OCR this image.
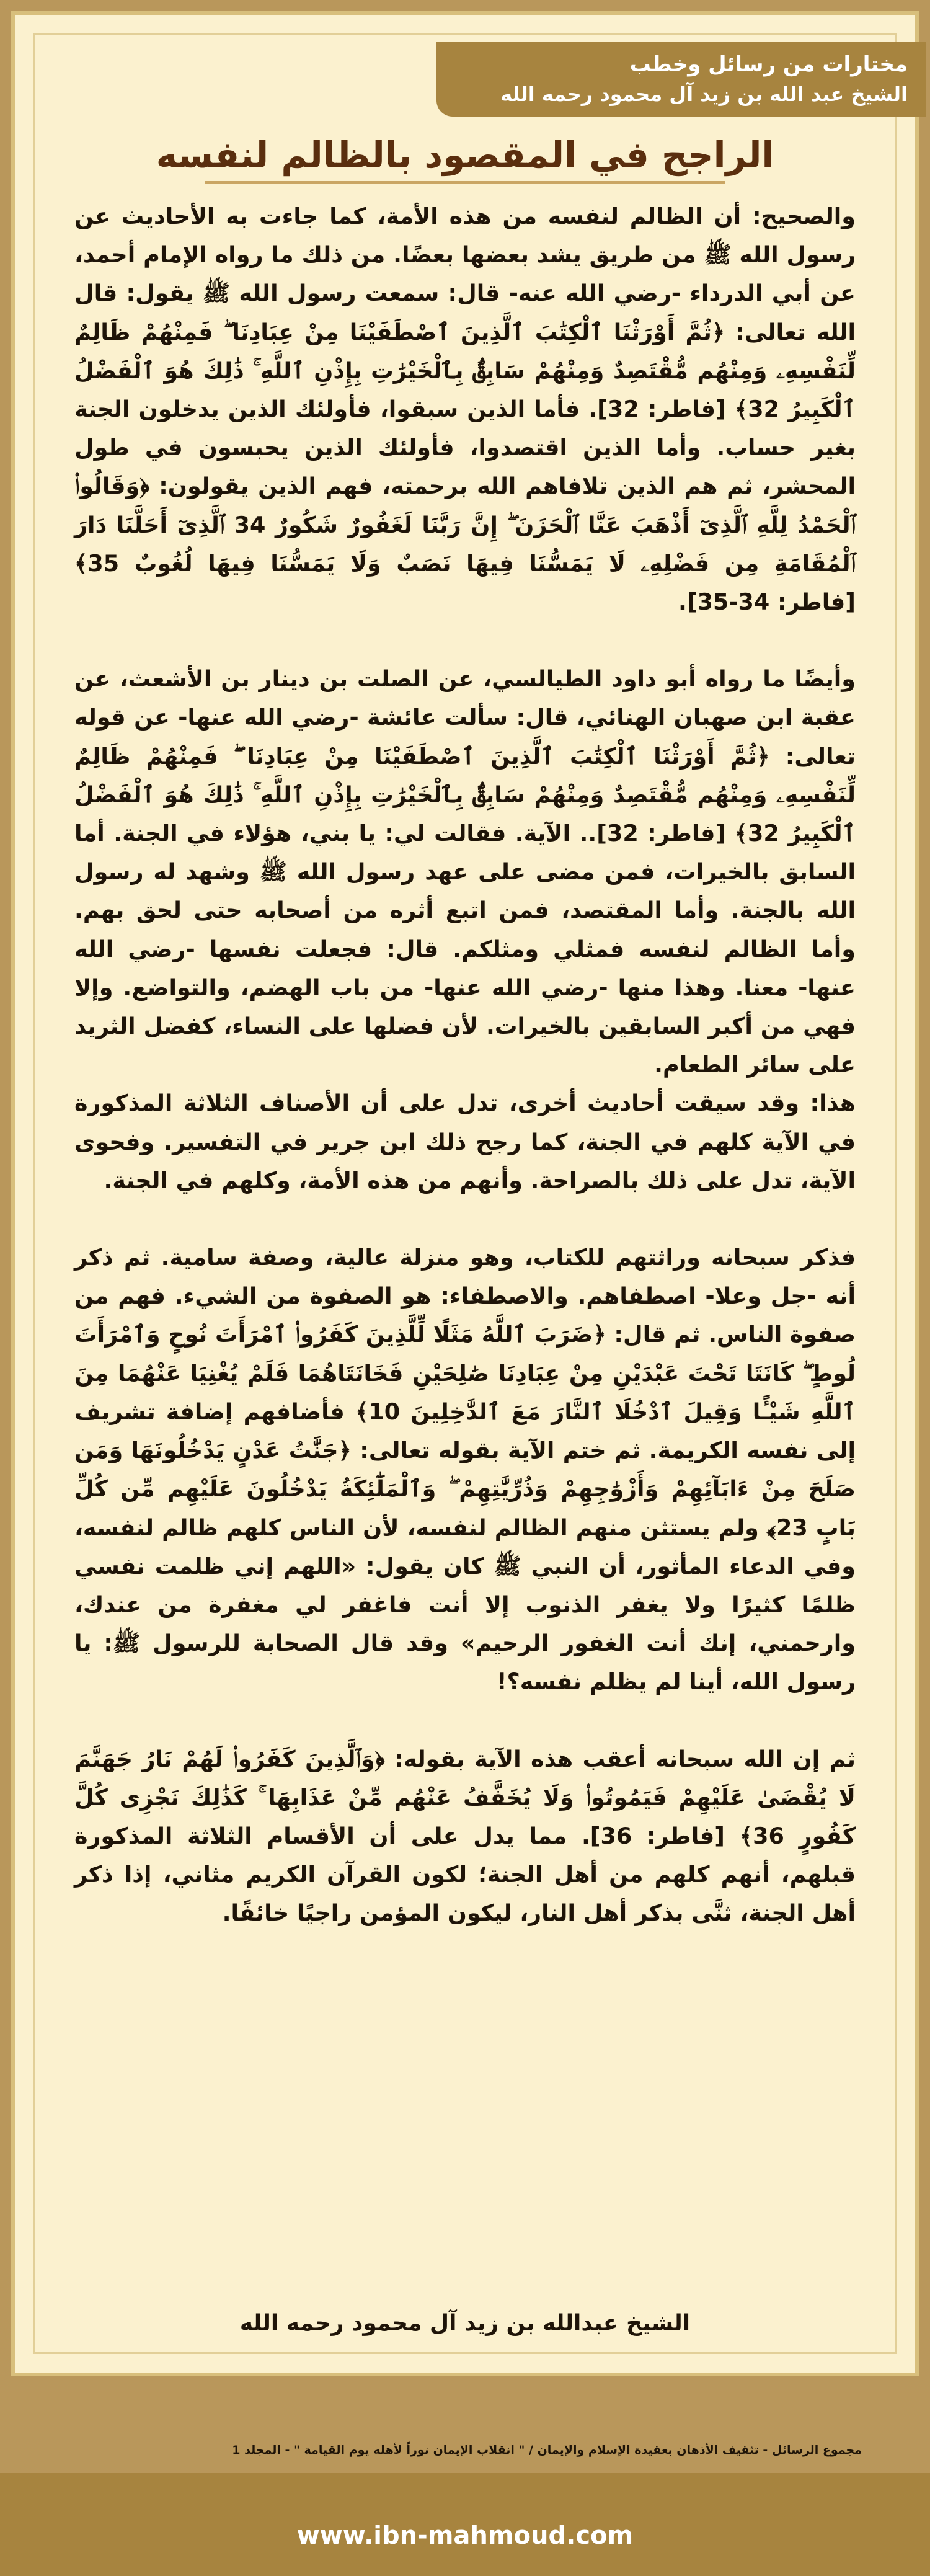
مختارات من رسائل وخطب
الشيخ عبد الله بن زيد آل محمود رحمه الله
الراجح في المقصود بالظالم لنفسه

والصحيح: أن الظالم لنفسه من هذه الأمة، كما جاءت به الأحاديث عن رسول الله ﷺ من طريق يشد بعضها بعضًا. من ذلك ما رواه الإمام أحمد، عن أبي الدرداء -رضي الله عنه- قال: سمعت رسول الله ﷺ يقول: قال الله تعالى: ﴿ثُمَّ أَوْرَثْنَا ٱلْكِتَٰبَ ٱلَّذِينَ ٱصْطَفَيْنَا مِنْ عِبَادِنَا ۖ فَمِنْهُمْ ظَالِمٌ لِّنَفْسِهِۦ وَمِنْهُم مُّقْتَصِدٌ وَمِنْهُمْ سَابِقٌۢ بِٱلْخَيْرَٰتِ بِإِذْنِ ٱللَّهِ ۚ ذَٰلِكَ هُوَ ٱلْفَضْلُ ٱلْكَبِيرُ 32﴾ [فاطر: 32]. فأما الذين سبقوا، فأولئك الذين يدخلون الجنة بغير حساب. وأما الذين اقتصدوا، فأولئك الذين يحبسون في طول المحشر، ثم هم الذين تلافاهم الله برحمته، فهم الذين يقولون: ﴿وَقَالُوا۟ ٱلْحَمْدُ لِلَّهِ ٱلَّذِىٓ أَذْهَبَ عَنَّا ٱلْحَزَنَ ۖ إِنَّ رَبَّنَا لَغَفُورٌ شَكُورٌ 34 ٱلَّذِىٓ أَحَلَّنَا دَارَ ٱلْمُقَامَةِ مِن فَضْلِهِۦ لَا يَمَسُّنَا فِيهَا نَصَبٌ وَلَا يَمَسُّنَا فِيهَا لُغُوبٌ 35﴾ [فاطر: 34-35].

وأيضًا ما رواه أبو داود الطيالسي، عن الصلت بن دينار بن الأشعث، عن عقبة ابن صهبان الهنائي، قال: سألت عائشة -رضي الله عنها- عن قوله تعالى: ﴿ثُمَّ أَوْرَثْنَا ٱلْكِتَٰبَ ٱلَّذِينَ ٱصْطَفَيْنَا مِنْ عِبَادِنَا ۖ فَمِنْهُمْ ظَالِمٌ لِّنَفْسِهِۦ وَمِنْهُم مُّقْتَصِدٌ وَمِنْهُمْ سَابِقٌۢ بِٱلْخَيْرَٰتِ بِإِذْنِ ٱللَّهِ ۚ ذَٰلِكَ هُوَ ٱلْفَضْلُ ٱلْكَبِيرُ 32﴾ [فاطر: 32].. الآية. فقالت لي: يا بني، هؤلاء في الجنة. أما السابق بالخيرات، فمن مضى على عهد رسول الله ﷺ وشهد له رسول الله بالجنة. وأما المقتصد، فمن اتبع أثره من أصحابه حتى لحق بهم. وأما الظالم لنفسه فمثلي ومثلكم. قال: فجعلت نفسها -رضي الله عنها- معنا. وهذا منها -رضي الله عنها- من باب الهضم، والتواضع. وإلا فهي من أكبر السابقين بالخيرات. لأن فضلها على النساء، كفضل الثريد على سائر الطعام.

هذا: وقد سيقت أحاديث أخرى، تدل على أن الأصناف الثلاثة المذكورة في الآية كلهم في الجنة، كما رجح ذلك ابن جرير في التفسير. وفحوى الآية، تدل على ذلك بالصراحة. وأنهم من هذه الأمة، وكلهم في الجنة.

فذكر سبحانه وراثتهم للكتاب، وهو منزلة عالية، وصفة سامية. ثم ذكر أنه -جل وعلا- اصطفاهم. والاصطفاء: هو الصفوة من الشيء. فهم من صفوة الناس. ثم قال: ﴿ضَرَبَ ٱللَّهُ مَثَلًا لِّلَّذِينَ كَفَرُوا۟ ٱمْرَأَتَ نُوحٍ وَٱمْرَأَتَ لُوطٍ ۖ كَانَتَا تَحْتَ عَبْدَيْنِ مِنْ عِبَادِنَا صَٰلِحَيْنِ فَخَانَتَاهُمَا فَلَمْ يُغْنِيَا عَنْهُمَا مِنَ ٱللَّهِ شَيْـًٔا وَقِيلَ ٱدْخُلَا ٱلنَّارَ مَعَ ٱلدَّٰخِلِينَ 10﴾ فأضافهم إضافة تشريف إلى نفسه الكريمة. ثم ختم الآية بقوله تعالى: ﴿جَنَّٰتُ عَدْنٍ يَدْخُلُونَهَا وَمَن صَلَحَ مِنْ ءَابَآئِهِمْ وَأَزْوَٰجِهِمْ وَذُرِّيَّٰتِهِمْ ۖ وَٱلْمَلَٰٓئِكَةُ يَدْخُلُونَ عَلَيْهِم مِّن كُلِّ بَابٍ 23﴾ ولم يستثن منهم الظالم لنفسه، لأن الناس كلهم ظالم لنفسه، وفي الدعاء المأثور، أن النبي ﷺ كان يقول: «اللهم إني ظلمت نفسي ظلمًا كثيرًا ولا يغفر الذنوب إلا أنت فاغفر لي مغفرة من عندك، وارحمني، إنك أنت الغفور الرحيم» وقد قال الصحابة للرسول ﷺ: يا رسول الله، أينا لم يظلم نفسه؟!

ثم إن الله سبحانه أعقب هذه الآية بقوله: ﴿وَٱلَّذِينَ كَفَرُوا۟ لَهُمْ نَارُ جَهَنَّمَ لَا يُقْضَىٰ عَلَيْهِمْ فَيَمُوتُوا۟ وَلَا يُخَفَّفُ عَنْهُم مِّنْ عَذَابِهَا ۚ كَذَٰلِكَ نَجْزِى كُلَّ كَفُورٍ 36﴾ [فاطر: 36]. مما يدل على أن الأقسام الثلاثة المذكورة قبلهم، أنهم كلهم من أهل الجنة؛ لكون القرآن الكريم مثاني، إذا ذكر أهل الجنة، ثنَّى بذكر أهل النار، ليكون المؤمن راجيًا خائفًا.

الشيخ عبدالله بن زيد آل محمود رحمه الله
مجموع الرسائل - تثقيف الأذهان بعقيدة الإسلام والإيمان / " انقلاب الإيمان نوراً لأهله يوم القيامة " - المجلد 1
www.ibn-mahmoud.com
